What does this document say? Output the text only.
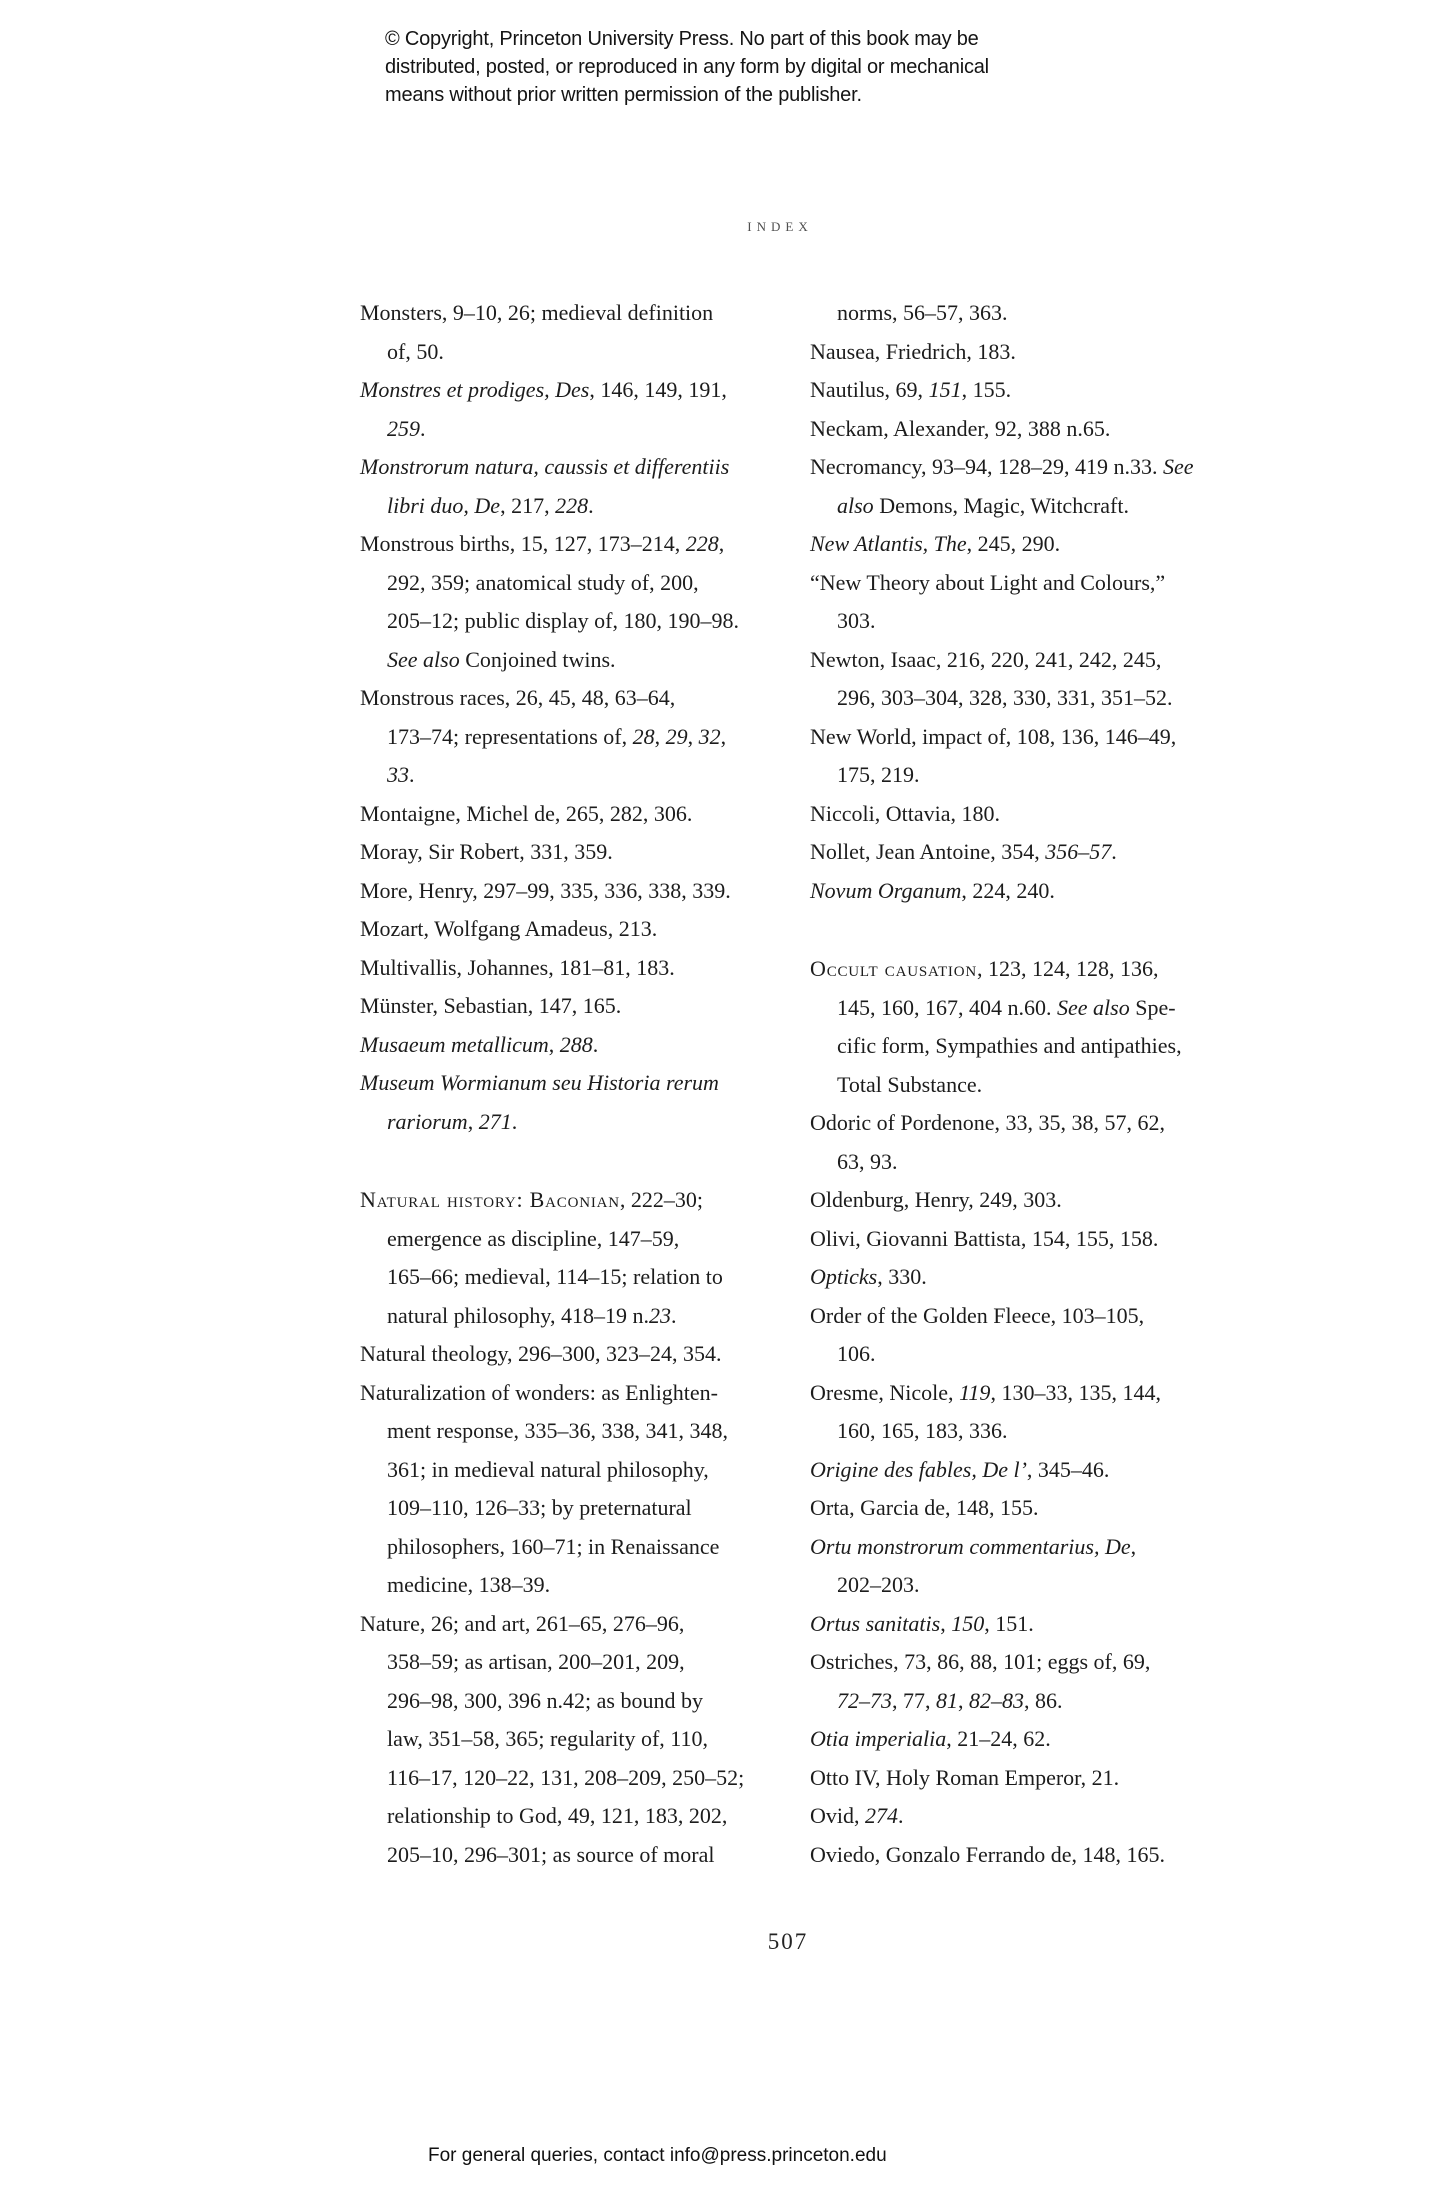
© Copyright, Princeton University Press. No part of this book may be
distributed, posted, or reproduced in any form by digital or mechanical
means without prior written permission of the publisher.
INDEX
Monsters, 9–10, 26; medieval definition
of, 50.
Monstres et prodiges, Des, 146, 149, 191,
259.
Monstrorum natura, caussis et differentiis
libri duo, De, 217, 228.
Monstrous births, 15, 127, 173–214, 228,
292, 359; anatomical study of, 200,
205–12; public display of, 180, 190–98.
See also Conjoined twins.
Monstrous races, 26, 45, 48, 63–64,
173–74; representations of, 28, 29, 32,
33.
Montaigne, Michel de, 265, 282, 306.
Moray, Sir Robert, 331, 359.
More, Henry, 297–99, 335, 336, 338, 339.
Mozart, Wolfgang Amadeus, 213.
Multivallis, Johannes, 181–81, 183.
Münster, Sebastian, 147, 165.
Musaeum metallicum, 288.
Museum Wormianum seu Historia rerum
rariorum, 271.
Natural history: Baconian, 222–30;
emergence as discipline, 147–59,
165–66; medieval, 114–15; relation to
natural philosophy, 418–19 n.23.
Natural theology, 296–300, 323–24, 354.
Naturalization of wonders: as Enlighten-
ment response, 335–36, 338, 341, 348,
361; in medieval natural philosophy,
109–110, 126–33; by preternatural
philosophers, 160–71; in Renaissance
medicine, 138–39.
Nature, 26; and art, 261–65, 276–96,
358–59; as artisan, 200–201, 209,
296–98, 300, 396 n.42; as bound by
law, 351–58, 365; regularity of, 110,
116–17, 120–22, 131, 208–209, 250–52;
relationship to God, 49, 121, 183, 202,
205–10, 296–301; as source of moral
norms, 56–57, 363.
Nausea, Friedrich, 183.
Nautilus, 69, 151, 155.
Neckam, Alexander, 92, 388 n.65.
Necromancy, 93–94, 128–29, 419 n.33. See
also Demons, Magic, Witchcraft.
New Atlantis, The, 245, 290.
“New Theory about Light and Colours,”
303.
Newton, Isaac, 216, 220, 241, 242, 245,
296, 303–304, 328, 330, 331, 351–52.
New World, impact of, 108, 136, 146–49,
175, 219.
Niccoli, Ottavia, 180.
Nollet, Jean Antoine, 354, 356–57.
Novum Organum, 224, 240.
Occult causation, 123, 124, 128, 136,
145, 160, 167, 404 n.60. See also Spe-
cific form, Sympathies and antipathies,
Total Substance.
Odoric of Pordenone, 33, 35, 38, 57, 62,
63, 93.
Oldenburg, Henry, 249, 303.
Olivi, Giovanni Battista, 154, 155, 158.
Opticks, 330.
Order of the Golden Fleece, 103–105,
106.
Oresme, Nicole, 119, 130–33, 135, 144,
160, 165, 183, 336.
Origine des fables, De l’, 345–46.
Orta, Garcia de, 148, 155.
Ortu monstrorum commentarius, De,
202–203.
Ortus sanitatis, 150, 151.
Ostriches, 73, 86, 88, 101; eggs of, 69,
72–73, 77, 81, 82–83, 86.
Otia imperialia, 21–24, 62.
Otto IV, Holy Roman Emperor, 21.
Ovid, 274.
Oviedo, Gonzalo Ferrando de, 148, 165.
507
For general queries, contact info@press.princeton.edu
